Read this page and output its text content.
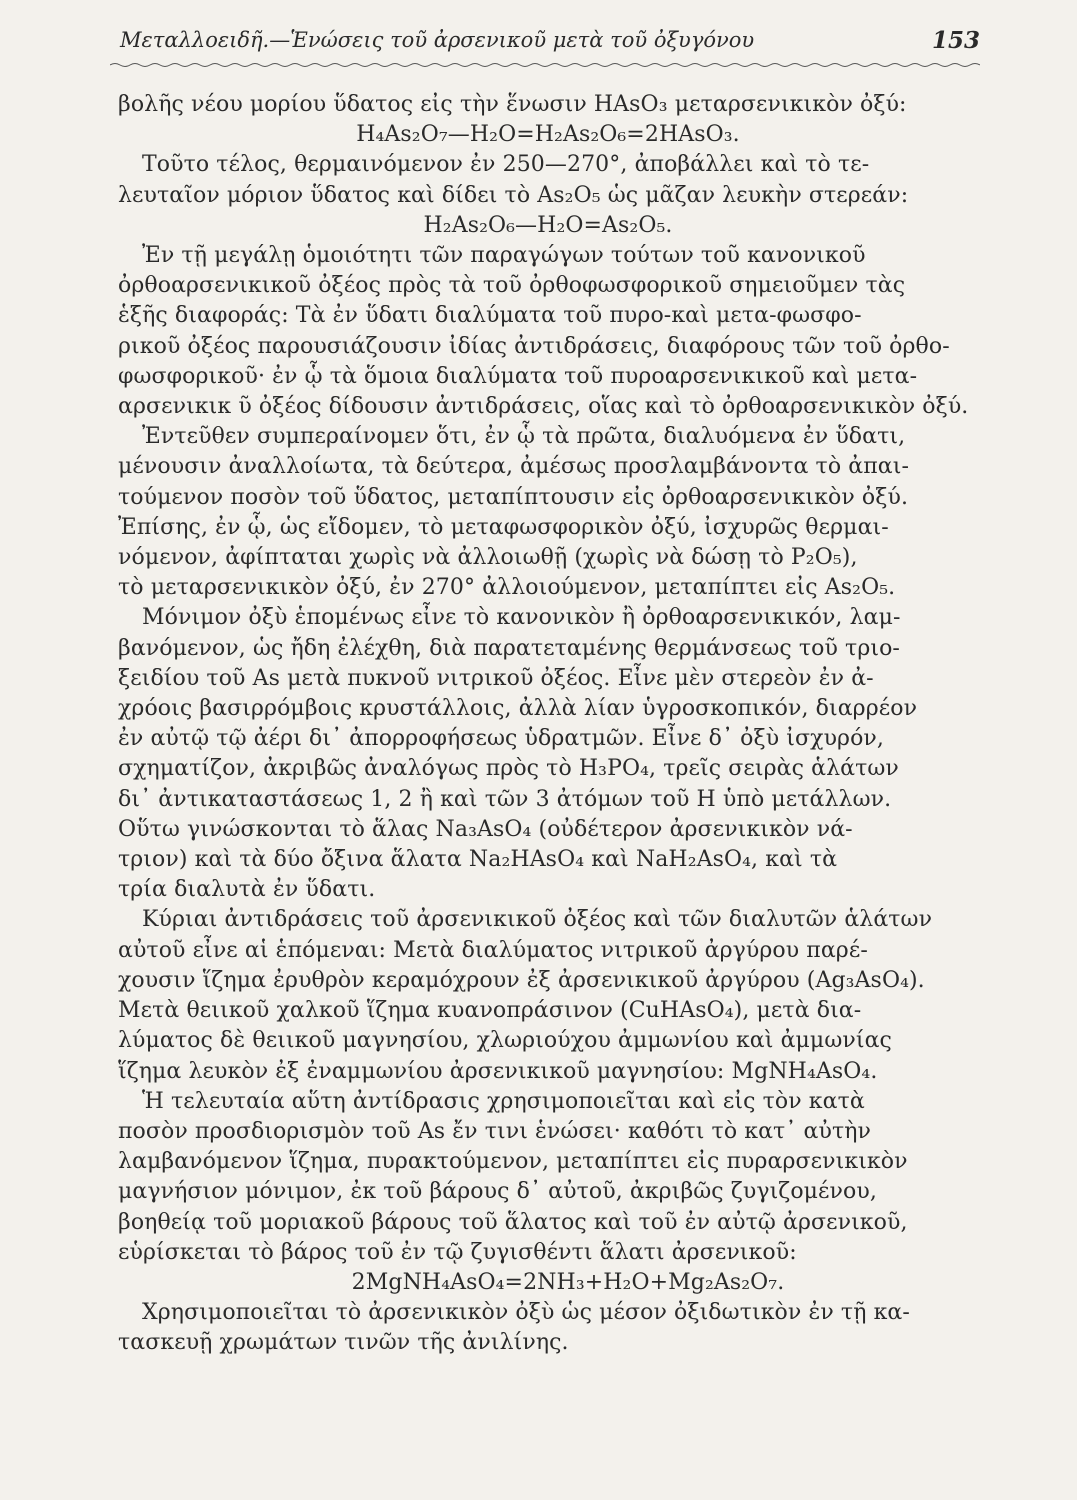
Μεταλλοειδῆ.—Ἑνώσεις τοῦ ἀρσενικοῦ μετὰ τοῦ ὀξυγόνου	153

βολῆς νέου μορίου ὕδατος εἰς τὴν ἕνωσιν HAsO₃ μεταρσενικικὸν ὀξύ:

H₄As₂O₇—H₂O=H₂As₂O₆=2HAsO₃.

Τοῦτο τέλος, θερμαινόμενον ἐν 250—270°, ἀποβάλλει καὶ τὸ τε-

λευταῖον μόριον ὕδατος καὶ δίδει τὸ As₂O₅ ὡς μᾶζαν λευκὴν στερεάν:

H₂As₂O₆—H₂O=As₂O₅.

Ἐν τῇ μεγάλῃ ὁμοιότητι τῶν παραγώγων τούτων τοῦ κανονικοῦ

ὀρθοαρσενικικοῦ ὀξέος πρὸς τὰ τοῦ ὀρθοφωσφορικοῦ σημειοῦμεν τὰς

ἑξῆς διαφοράς: Τὰ ἐν ὕδατι διαλύματα τοῦ πυρο-καὶ μετα-φωσφο-

ρικοῦ ὀξέος παρουσιάζουσιν ἰδίας ἀντιδράσεις, διαφόρους τῶν τοῦ ὀρθο-

φωσφορικοῦ· ἐν ᾧ τὰ ὅμοια διαλύματα τοῦ πυροαρσενικικοῦ καὶ μετα-

αρσενικικ ῦ ὀξέος δίδουσιν ἀντιδράσεις, οἵας καὶ τὸ ὀρθοαρσενικικὸν ὀξύ.

Ἐντεῦθεν συμπεραίνομεν ὅτι, ἐν ᾧ τὰ πρῶτα, διαλυόμενα ἐν ὕδατι,

μένουσιν ἀναλλοίωτα, τὰ δεύτερα, ἀμέσως προσλαμβάνοντα τὸ ἀπαι-

τούμενον ποσὸν τοῦ ὕδατος, μεταπίπτουσιν εἰς ὀρθοαρσενικικὸν ὀξύ.

Ἐπίσης, ἐν ᾧ, ὡς εἴδομεν, τὸ μεταφωσφορικὸν ὀξύ, ἰσχυρῶς θερμαι-

νόμενον, ἀφίπταται χωρὶς νὰ ἀλλοιωθῇ (χωρὶς νὰ δώσῃ τὸ P₂O₅),

τὸ μεταρσενικικὸν ὀξύ, ἐν 270° ἀλλοιούμενον, μεταπίπτει εἰς As₂O₅.

Μόνιμον ὀξὺ ἑπομένως εἶνε τὸ κανονικὸν ἢ ὀρθοαρσενικικόν, λαμ-

βανόμενον, ὡς ἤδη ἐλέχθη, διὰ παρατεταμένης θερμάνσεως τοῦ τριο-

ξειδίου τοῦ As μετὰ πυκνοῦ νιτρικοῦ ὀξέος. Εἶνε μὲν στερεὸν ἐν ἀ-

χρόοις βασιρρόμβοις κρυστάλλοις, ἀλλὰ λίαν ὑγροσκοπικόν, διαρρέον

ἐν αὐτῷ τῷ ἀέρι δι᾽ ἀπορροφήσεως ὑδρατμῶν. Εἶνε δ᾽ ὀξὺ ἰσχυρόν,

σχηματίζον, ἀκριβῶς ἀναλόγως πρὸς τὸ H₃PO₄, τρεῖς σειρὰς ἁλάτων

δι᾽ ἀντικαταστάσεως 1, 2 ἢ καὶ τῶν 3 ἀτόμων τοῦ H ὑπὸ μετάλλων.

Οὕτω γινώσκονται τὸ ἅλας Na₃AsO₄ (οὐδέτερον ἀρσενικικὸν νά-

τριον) καὶ τὰ δύο ὄξινα ἅλατα Na₂HAsO₄ καὶ NaH₂AsO₄, καὶ τὰ

τρία διαλυτὰ ἐν ὕδατι.

Κύριαι ἀντιδράσεις τοῦ ἀρσενικικοῦ ὀξέος καὶ τῶν διαλυτῶν ἁλάτων

αὐτοῦ εἶνε αἱ ἑπόμεναι: Μετὰ διαλύματος νιτρικοῦ ἀργύρου παρέ-

χουσιν ἵζημα ἐρυθρὸν κεραμόχρουν ἐξ ἀρσενικικοῦ ἀργύρου (Ag₃AsO₄).

Μετὰ θειικοῦ χαλκοῦ ἵζημα κυανοπράσινον (CuHAsO₄), μετὰ δια-

λύματος δὲ θειικοῦ μαγνησίου, χλωριούχου ἀμμωνίου καὶ ἀμμωνίας

ἵζημα λευκὸν ἐξ ἐναμμωνίου ἀρσενικικοῦ μαγνησίου: MgNH₄AsO₄.

Ἡ τελευταία αὕτη ἀντίδρασις χρησιμοποιεῖται καὶ εἰς τὸν κατὰ

ποσὸν προσδιορισμὸν τοῦ As ἔν τινι ἑνώσει· καθότι τὸ κατ᾽ αὐτὴν

λαμβανόμενον ἵζημα, πυρακτούμενον, μεταπίπτει εἰς πυραρσενικικὸν

μαγνήσιον μόνιμον, ἐκ τοῦ βάρους δ᾽ αὐτοῦ, ἀκριβῶς ζυγιζομένου,

βοηθείᾳ τοῦ μοριακοῦ βάρους τοῦ ἅλατος καὶ τοῦ ἐν αὐτῷ ἀρσενικοῦ,

εὑρίσκεται τὸ βάρος τοῦ ἐν τῷ ζυγισθέντι ἅλατι ἀρσενικοῦ:

2MgNH₄AsO₄=2NH₃+H₂O+Mg₂As₂O₇.

Χρησιμοποιεῖται τὸ ἀρσενικικὸν ὀξὺ ὡς μέσον ὀξιδωτικὸν ἐν τῇ κα-

τασκευῇ χρωμάτων τινῶν τῆς ἀνιλίνης.
